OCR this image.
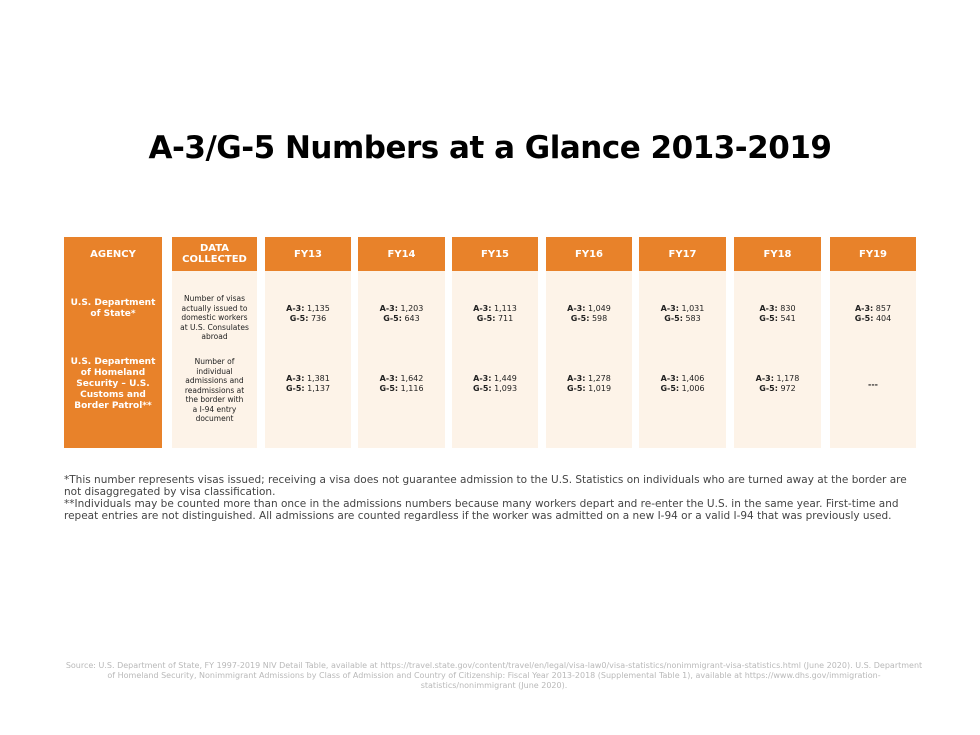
A-3/G-5 Numbers at a Glance 2013-2019
AGENCY
U.S. Department
of State*
U.S. Department
of Homeland
Security – U.S.
Customs and
Border Patrol**
DATA
COLLECTED
Number of visas
actually issued to
domestic workers
at U.S. Consulates
abroad
Number of
individual
admissions and
readmissions at
the border with
a I-94 entry
document
FY13
A-3: 1,135
G-5: 736
A-3: 1,381
G-5: 1,137
FY14
A-3: 1,203
G-5: 643
A-3: 1,642
G-5: 1,116
FY15
A-3: 1,113
G-5: 711
A-3: 1,449
G-5: 1,093
FY16
A-3: 1,049
G-5: 598
A-3: 1,278
G-5: 1,019
FY17
A-3: 1,031
G-5: 583
A-3: 1,406
G-5: 1,006
FY18
A-3: 830
G-5: 541
A-3: 1,178
G-5: 972
FY19
A-3: 857
G-5: 404
---

*This number represents visas issued; receiving a visa does not guarantee admission to the U.S. Statistics on individuals who are turned away at the border are not disaggregated by visa classification.

**Individuals may be counted more than once in the admissions numbers because many workers depart and re-enter the U.S. in the same year. First-time and repeat entries are not distinguished. All admissions are counted regardless if the worker was admitted on a new I-94 or a valid I-94 that was previously used.

Source: U.S. Department of State, FY 1997-2019 NIV Detail Table, available at https://travel.state.gov/content/travel/en/legal/visa-law0/visa-statistics/nonimmigrant-visa-statistics.html (June 2020). U.S. Department of Homeland Security, Nonimmigrant Admissions by Class of Admission and Country of Citizenship: Fiscal Year 2013-2018 (Supplemental Table 1), available at https://www.dhs.gov/immigration-statistics/nonimmigrant (June 2020).
